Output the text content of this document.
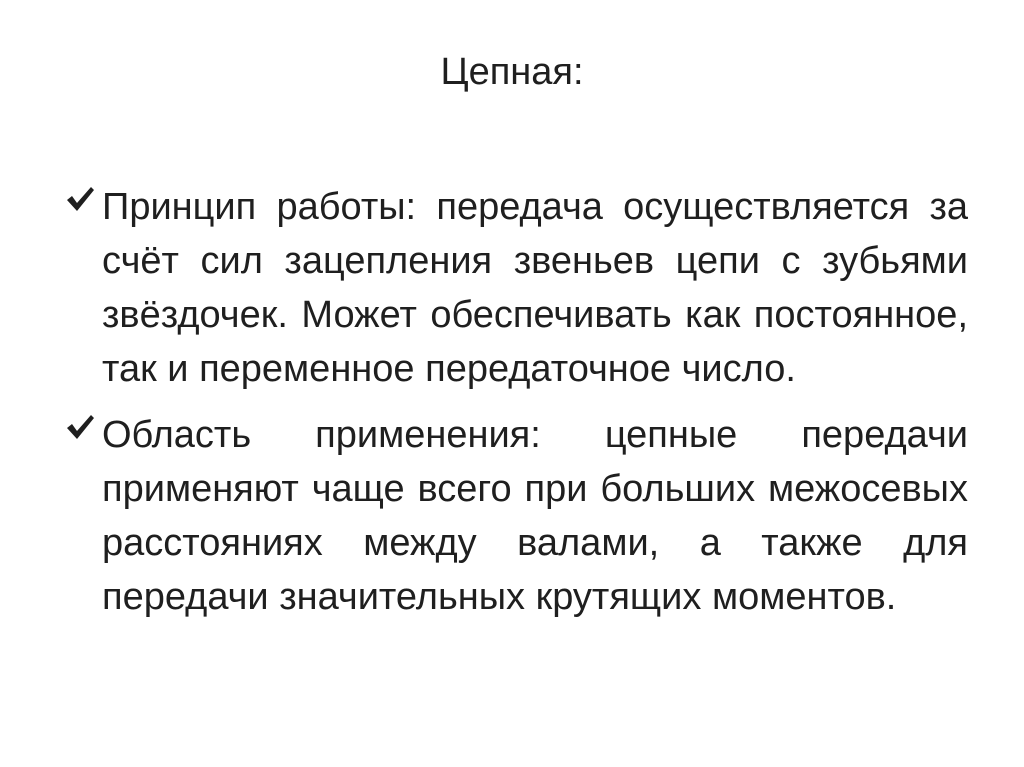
Цепная:
Принцип работы: передача осуществляется за счёт сил зацепления звеньев цепи с зубьями звёздочек. Может обеспечивать как постоянное, так и переменное передаточное число.
Область применения: цепные передачи применяют чаще всего при больших межосевых расстояниях между валами, а также для передачи значительных крутящих моментов.
